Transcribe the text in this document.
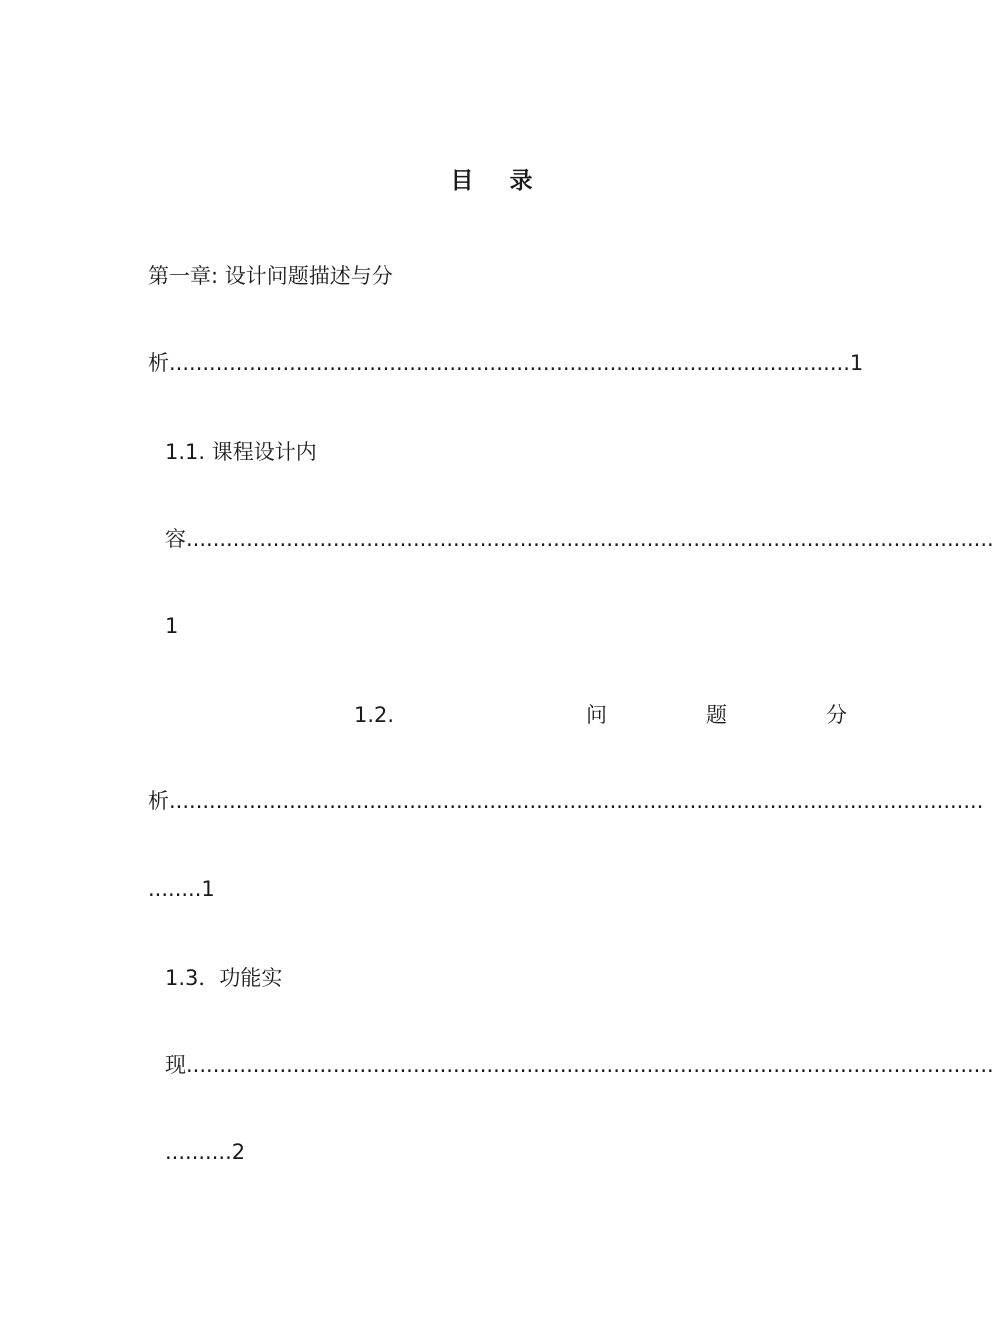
目 录
第一章: 设计问题描述与分
析......................................................................................................1
1.1. 课程设计内
容.........................................................................................................................
1
1.2.	问	题	分
析..........................................................................................................................
........1
1.3．功能实
现.........................................................................................................................
..........2
